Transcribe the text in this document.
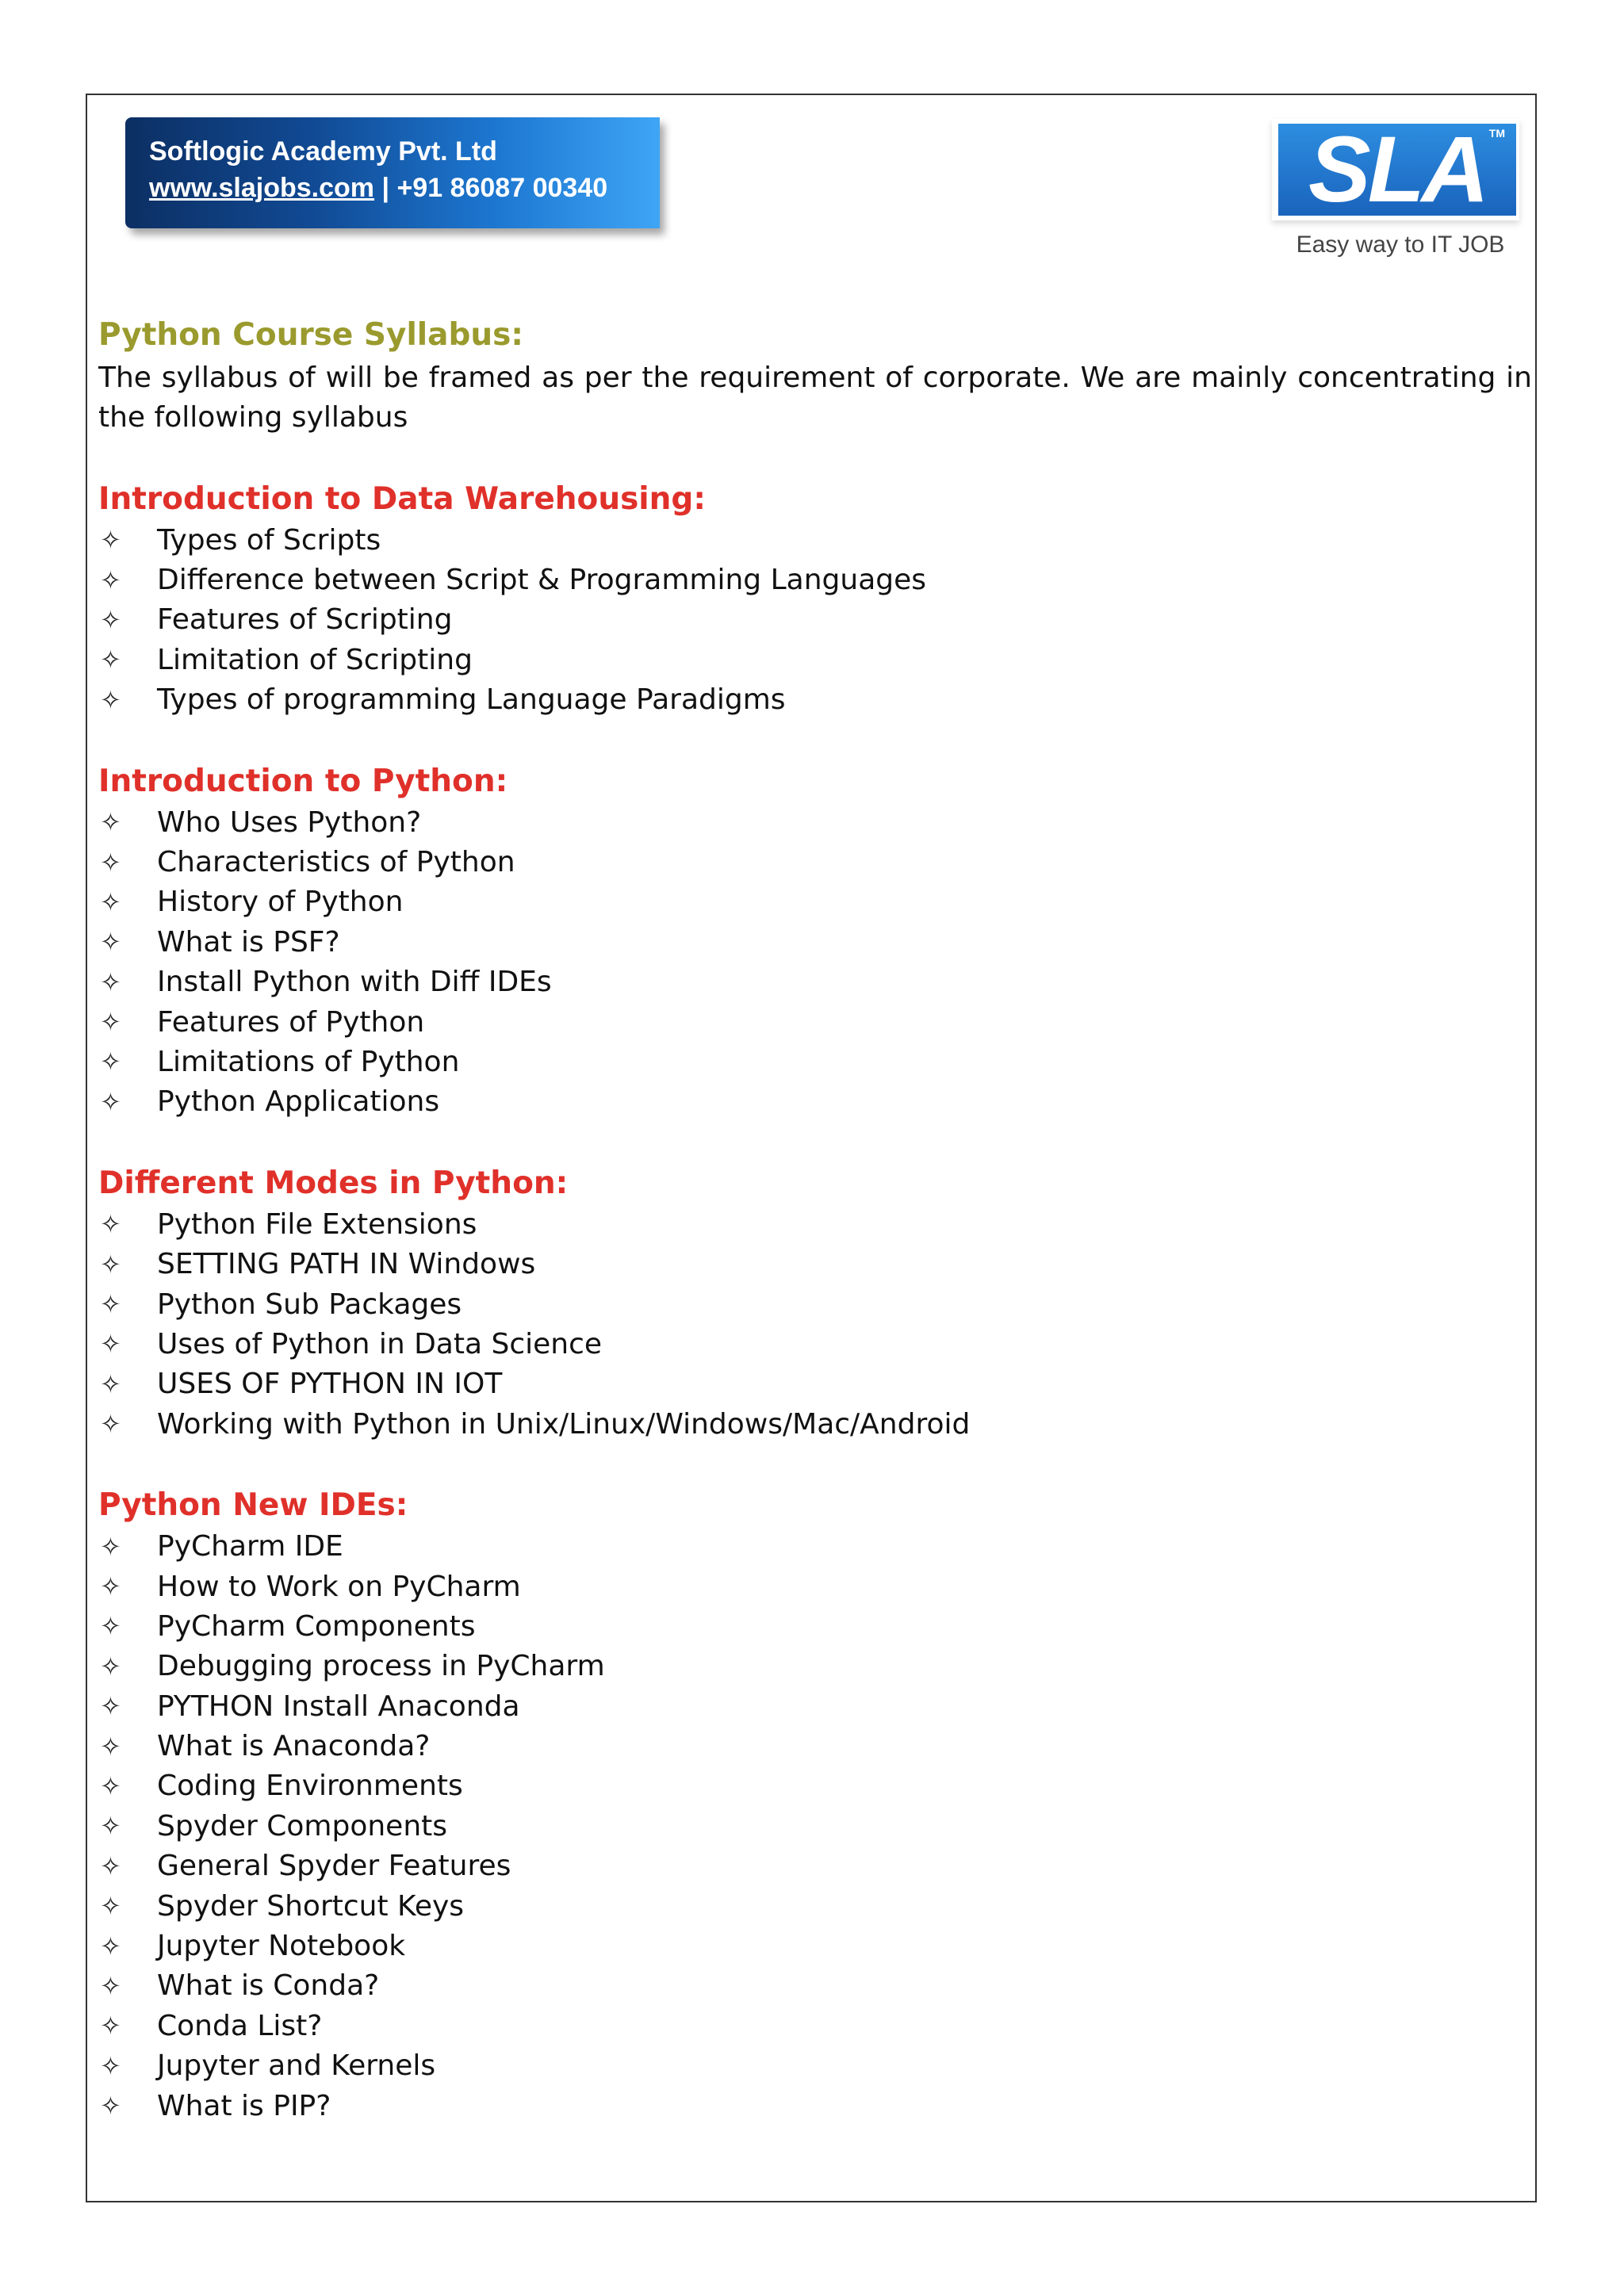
Softlogic Academy Pvt. Ltd
www.slajobs.com | +91 86087 00340	SLA TM
Easy way to IT JOB
Python Course Syllabus:

The syllabus of will be framed as per the requirement of corporate. We are mainly concentrating in the following syllabus

Introduction to Data Warehousing:
✧	Types of Scripts
✧	Difference between Script & Programming Languages
✧	Features of Scripting
✧	Limitation of Scripting
✧	Types of programming Language Paradigms
Introduction to Python:
✧	Who Uses Python?
✧	Characteristics of Python
✧	History of Python
✧	What is PSF?
✧	Install Python with Diff IDEs
✧	Features of Python
✧	Limitations of Python
✧	Python Applications
Different Modes in Python:
✧	Python File Extensions
✧	SETTING PATH IN Windows
✧	Python Sub Packages
✧	Uses of Python in Data Science
✧	USES OF PYTHON IN IOT
✧	Working with Python in Unix/Linux/Windows/Mac/Android
Python New IDEs:
✧	PyCharm IDE
✧	How to Work on PyCharm
✧	PyCharm Components
✧	Debugging process in PyCharm
✧	PYTHON Install Anaconda
✧	What is Anaconda?
✧	Coding Environments
✧	Spyder Components
✧	General Spyder Features
✧	Spyder Shortcut Keys
✧	Jupyter Notebook
✧	What is Conda?
✧	Conda List?
✧	Jupyter and Kernels
✧	What is PIP?
